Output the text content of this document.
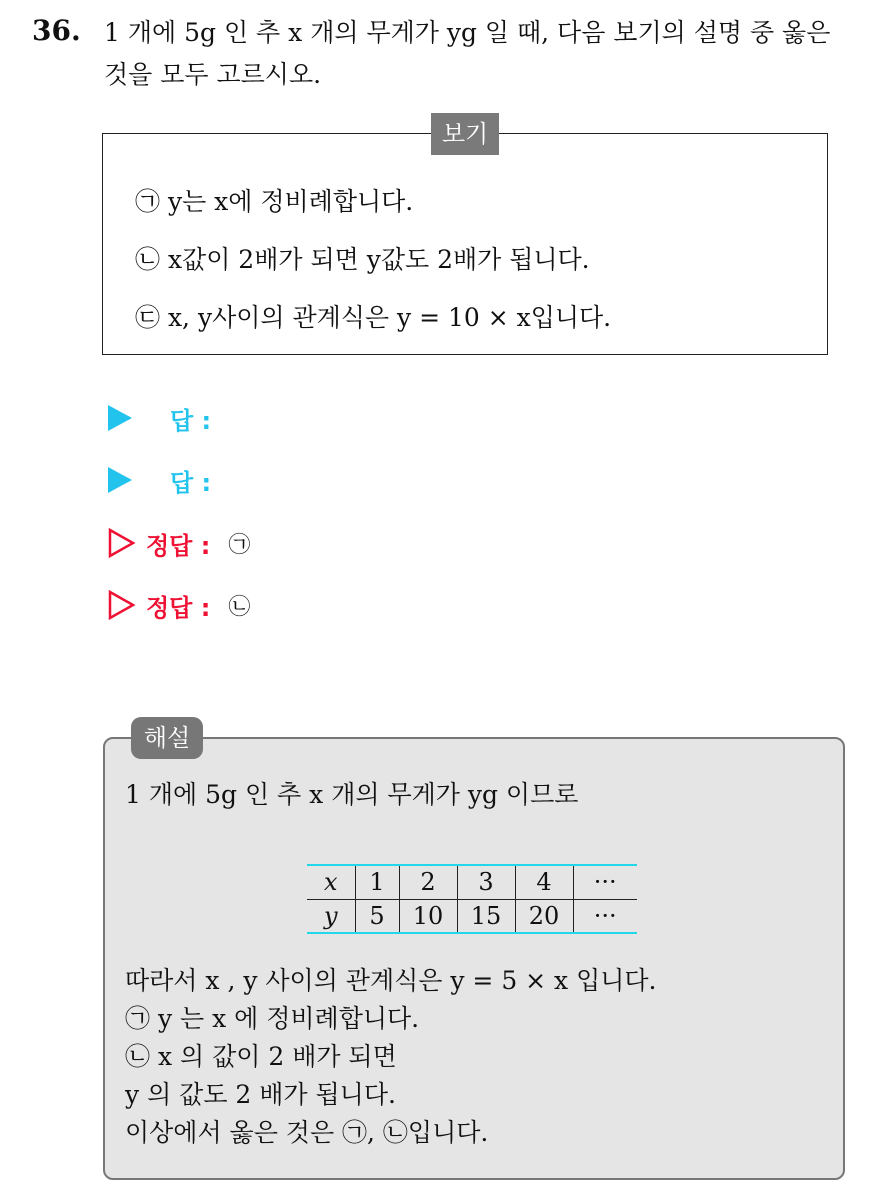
36. 1 개에 5g 인 추 x 개의 무게가 yg 일 때, 다음 보기의 설명 중 옳은
것을 모두 고르시오.
보기
㉠ y는 x에 정비례합니다.
㉡ x값이 2배가 되면 y값도 2배가 됩니다.
㉢ x, y사이의 관계식은 y = 10 × x입니다.
답 :
답 :
정답 : ㉠
정답 : ㉡
해설
1 개에 5g 인 추 x 개의 무게가 yg 이므로
x	1	2	3	4	···
y	5	10	15	20	···
따라서 x , y 사이의 관계식은 y = 5 × x 입니다.
㉠ y 는 x 에 정비례합니다.
㉡ x 의 값이 2 배가 되면
y 의 값도 2 배가 됩니다.
이상에서 옳은 것은 ㉠, ㉡입니다.
